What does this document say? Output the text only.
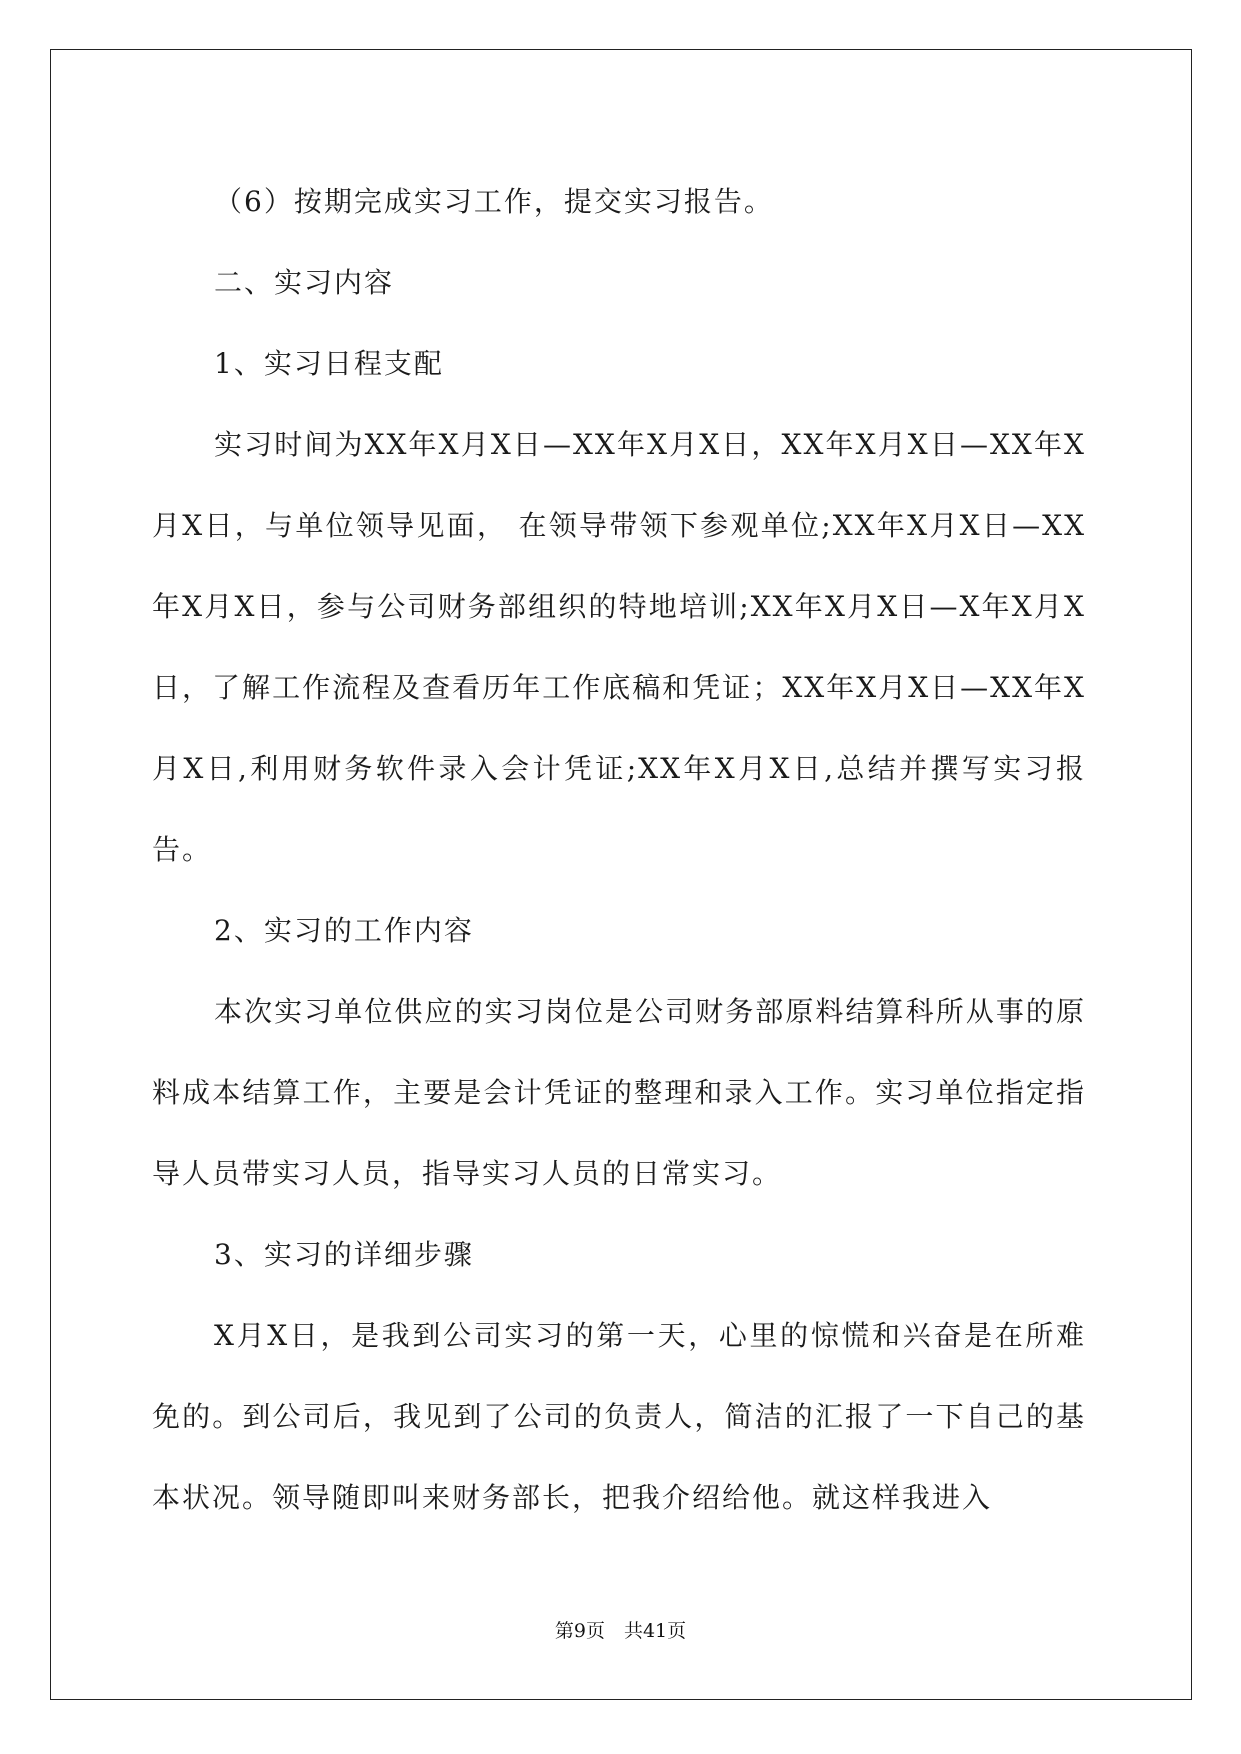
（6）按期完成实习工作，提交实习报告。

二、实习内容

1、实习日程支配

实习时间为XX年X月X日—XX年X月X日，XX年X月X日—XX年X月X日，与单位领导见面， 在领导带领下参观单位;XX年X月X日—XX年X月X日，参与公司财务部组织的特地培训;XX年X月X日—X年X月X日，了解工作流程及查看历年工作底稿和凭证；XX年X月X日—XX年X月X日,利用财务软件录入会计凭证;XX年X月X日,总结并撰写实习报告。

2、实习的工作内容

本次实习单位供应的实习岗位是公司财务部原料结算科所从事的原料成本结算工作，主要是会计凭证的整理和录入工作。实习单位指定指导人员带实习人员，指导实习人员的日常实习。

3、实习的详细步骤

X月X日，是我到公司实习的第一天，心里的惊慌和兴奋是在所难免的。到公司后，我见到了公司的负责人，简洁的汇报了一下自己的基本状况。领导随即叫来财务部长，把我介绍给他。就这样我进入

第9页　共41页
